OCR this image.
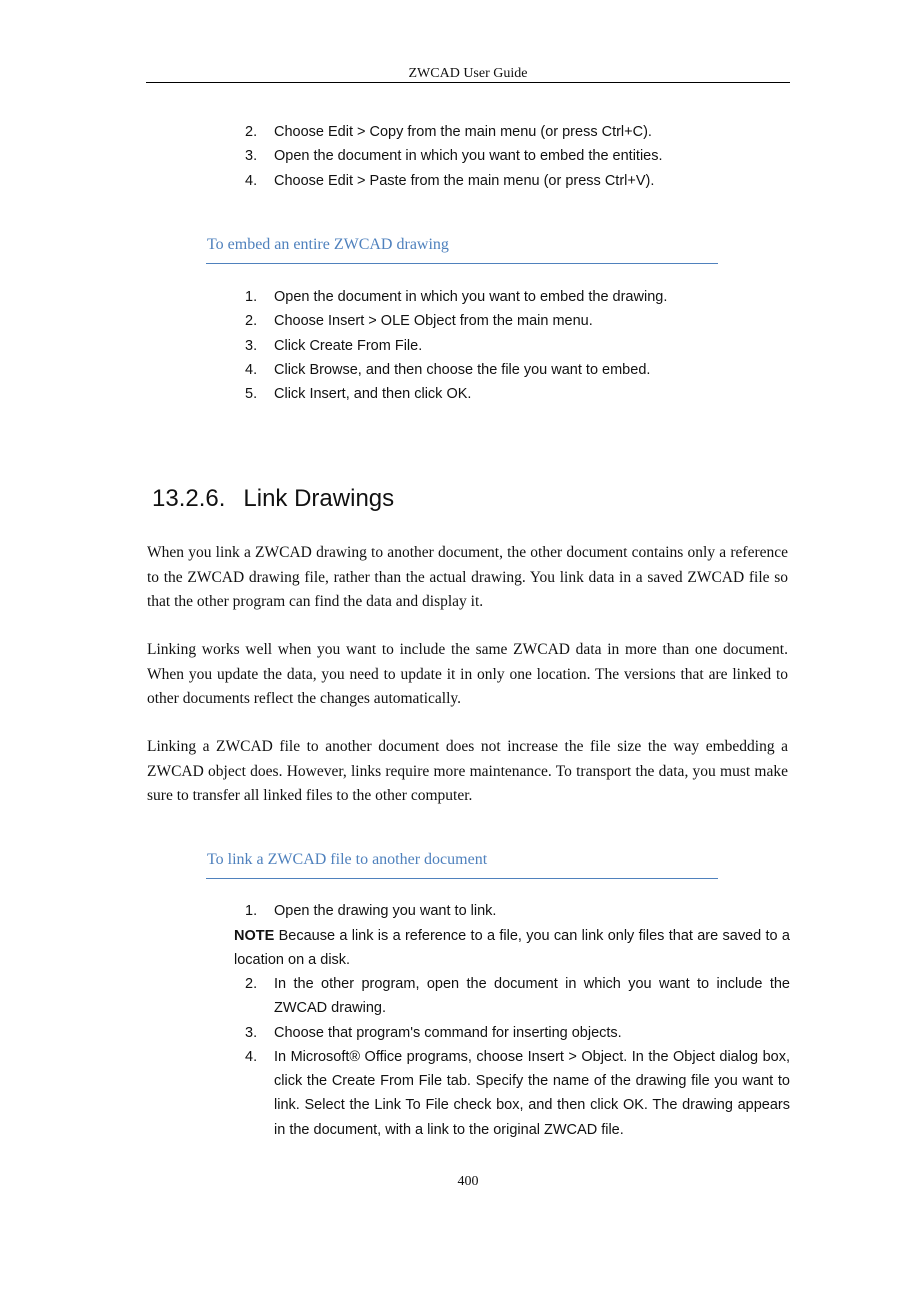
ZWCAD User Guide
2. Choose Edit > Copy from the main menu (or press Ctrl+C).
3. Open the document in which you want to embed the entities.
4. Choose Edit > Paste from the main menu (or press Ctrl+V).
To embed an entire ZWCAD drawing
1. Open the document in which you want to embed the drawing.
2. Choose Insert > OLE Object from the main menu.
3. Click Create From File.
4. Click Browse, and then choose the file you want to embed.
5. Click Insert, and then click OK.
13.2.6. Link Drawings

When you link a ZWCAD drawing to another document, the other document contains only a reference to the ZWCAD drawing file, rather than the actual drawing. You link data in a saved ZWCAD file so that the other program can find the data and display it.

Linking works well when you want to include the same ZWCAD data in more than one document. When you update the data, you need to update it in only one location. The versions that are linked to other documents reflect the changes automatically.

Linking a ZWCAD file to another document does not increase the file size the way embedding a ZWCAD object does. However, links require more maintenance. To transport the data, you must make sure to transfer all linked files to the other computer.

To link a ZWCAD file to another document
1. Open the drawing you want to link.

NOTE Because a link is a reference to a file, you can link only files that are saved to a location on a disk.

2. In the other program, open the document in which you want to include the ZWCAD drawing.
3. Choose that program's command for inserting objects.
4. In Microsoft® Office programs, choose Insert > Object. In the Object dialog box, click the Create From File tab. Specify the name of the drawing file you want to link. Select the Link To File check box, and then click OK. The drawing appears in the document, with a link to the original ZWCAD file.
400
